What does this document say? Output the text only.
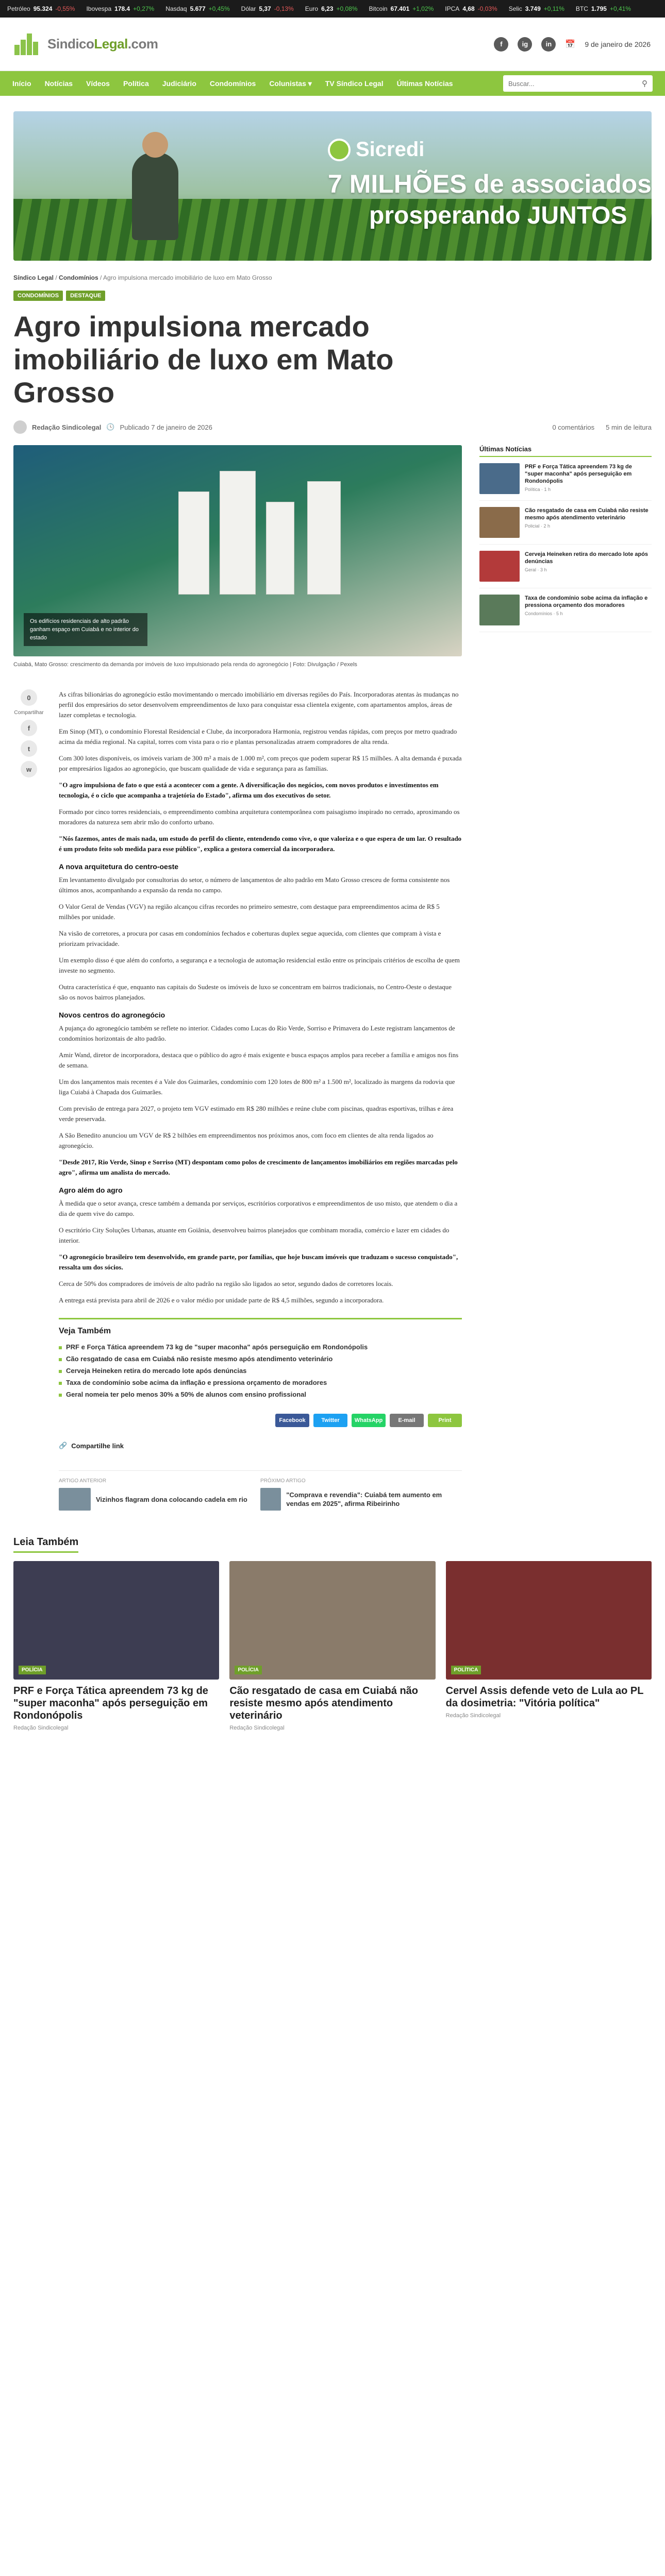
Petróleo 95.324 -0,55% Ibovespa 178.4 +0,27% Nasdaq 5.677 +0,45% Dólar 5,37 -0,13% Euro 6,23 +0,08% Bitcoin 67.401 +1,02% IPCA 4,68 -0,03% Selic 3.749 +0,11% BTC 1.795 +0,41%
SindicoLegal.com	f	ig	in	📅 9 de janeiro de 2026
Início Notícias Vídeos Política Judiciário Condomínios Colunistas ▾ TV Síndico Legal Últimas Notícias
Buscar...	⚲
Sicredi
7 MILHÕES de associados
prosperando JUNTOS
Síndico Legal / Condomínios / Agro impulsiona mercado imobiliário de luxo em Mato Grosso
CONDOMÍNIOS	DESTAQUE
Agro impulsiona mercado imobiliário de luxo em Mato Grosso
Redação Sindicolegal 🕓 Publicado 7 de janeiro de 2026	0 comentários 5 min de leitura
Os edifícios residenciais de alto padrão ganham espaço em Cuiabá e no interior do estado
Cuiabá, Mato Grosso: crescimento da demanda por imóveis de luxo impulsionado pela renda do agronegócio | Foto: Divulgação / Pexels
0
Compartilhar
f
t
w

As cifras bilionárias do agronegócio estão movimentando o mercado imobiliário em diversas regiões do País. Incorporadoras atentas às mudanças no perfil dos empresários do setor desenvolvem empreendimentos de luxo para conquistar essa clientela exigente, com apartamentos amplos, áreas de lazer completas e tecnologia.

Em Sinop (MT), o condomínio Florestal Residencial e Clube, da incorporadora Harmonia, registrou vendas rápidas, com preços por metro quadrado acima da média regional. Na capital, torres com vista para o rio e plantas personalizadas atraem compradores de alta renda.

Com 300 lotes disponíveis, os imóveis variam de 300 m² a mais de 1.000 m², com preços que podem superar R$ 15 milhões. A alta demanda é puxada por empresários ligados ao agronegócio, que buscam qualidade de vida e segurança para as famílias.

"O agro impulsiona de fato o que está a acontecer com a gente. A diversificação dos negócios, com novos produtos e investimentos em tecnologia, é o ciclo que acompanha a trajetória do Estado", afirma um dos executivos do setor.

Formado por cinco torres residenciais, o empreendimento combina arquitetura contemporânea com paisagismo inspirado no cerrado, aproximando os moradores da natureza sem abrir mão do conforto urbano.

"Nós fazemos, antes de mais nada, um estudo do perfil do cliente, entendendo como vive, o que valoriza e o que espera de um lar. O resultado é um produto feito sob medida para esse público", explica a gestora comercial da incorporadora.

A nova arquitetura do centro-oeste

Em levantamento divulgado por consultorias do setor, o número de lançamentos de alto padrão em Mato Grosso cresceu de forma consistente nos últimos anos, acompanhando a expansão da renda no campo.

O Valor Geral de Vendas (VGV) na região alcançou cifras recordes no primeiro semestre, com destaque para empreendimentos acima de R$ 5 milhões por unidade.

Na visão de corretores, a procura por casas em condomínios fechados e coberturas duplex segue aquecida, com clientes que compram à vista e priorizam privacidade.

Um exemplo disso é que além do conforto, a segurança e a tecnologia de automação residencial estão entre os principais critérios de escolha de quem investe no segmento.

Outra característica é que, enquanto nas capitais do Sudeste os imóveis de luxo se concentram em bairros tradicionais, no Centro-Oeste o destaque são os novos bairros planejados.

Novos centros do agronegócio

A pujança do agronegócio também se reflete no interior. Cidades como Lucas do Rio Verde, Sorriso e Primavera do Leste registram lançamentos de condomínios horizontais de alto padrão.

Amir Wand, diretor de incorporadora, destaca que o público do agro é mais exigente e busca espaços amplos para receber a família e amigos nos fins de semana.

Um dos lançamentos mais recentes é a Vale dos Guimarães, condomínio com 120 lotes de 800 m² a 1.500 m², localizado às margens da rodovia que liga Cuiabá à Chapada dos Guimarães.

Com previsão de entrega para 2027, o projeto tem VGV estimado em R$ 280 milhões e reúne clube com piscinas, quadras esportivas, trilhas e área verde preservada.

A São Benedito anunciou um VGV de R$ 2 bilhões em empreendimentos nos próximos anos, com foco em clientes de alta renda ligados ao agronegócio.

"Desde 2017, Rio Verde, Sinop e Sorriso (MT) despontam como polos de crescimento de lançamentos imobiliários em regiões marcadas pelo agro", afirma um analista do mercado.

Agro além do agro

À medida que o setor avança, cresce também a demanda por serviços, escritórios corporativos e empreendimentos de uso misto, que atendem o dia a dia de quem vive do campo.

O escritório City Soluções Urbanas, atuante em Goiânia, desenvolveu bairros planejados que combinam moradia, comércio e lazer em cidades do interior.

"O agronegócio brasileiro tem desenvolvido, em grande parte, por famílias, que hoje buscam imóveis que traduzam o sucesso conquistado", ressalta um dos sócios.

Cerca de 50% dos compradores de imóveis de alto padrão na região são ligados ao setor, segundo dados de corretores locais.

A entrega está prevista para abril de 2026 e o valor médio por unidade parte de R$ 4,5 milhões, segundo a incorporadora.

Veja Também
PRF e Força Tática apreendem 73 kg de "super maconha" após perseguição em Rondonópolis
Cão resgatado de casa em Cuiabá não resiste mesmo após atendimento veterinário
Cerveja Heineken retira do mercado lote após denúncias
Taxa de condomínio sobe acima da inflação e pressiona orçamento de moradores
Geral nomeia ter pelo menos 30% a 50% de alunos com ensino profissional
Facebook	Twitter	WhatsApp	E-mail	Print
🔗 Compartilhe link
ARTIGO ANTERIOR
Vizinhos flagram dona colocando cadela em rio
PRÓXIMO ARTIGO
"Comprava e revendia": Cuiabá tem aumento em vendas em 2025", afirma Ribeirinho
Últimas Notícias
PRF e Força Tática apreendem 73 kg de "super maconha" após perseguição em Rondonópolis
Política · 1 h
Cão resgatado de casa em Cuiabá não resiste mesmo após atendimento veterinário
Policial · 2 h
Cerveja Heineken retira do mercado lote após denúncias
Geral · 3 h
Taxa de condomínio sobe acima da inflação e pressiona orçamento dos moradores
Condomínios · 5 h
Leia Também
POLÍCIA
PRF e Força Tática apreendem 73 kg de "super maconha" após perseguição em Rondonópolis
Redação Sindicolegal
POLÍCIA
Cão resgatado de casa em Cuiabá não resiste mesmo após atendimento veterinário
Redação Sindicolegal
POLÍTICA
Cervel Assis defende veto de Lula ao PL da dosimetria: "Vitória política"
Redação Sindicolegal
